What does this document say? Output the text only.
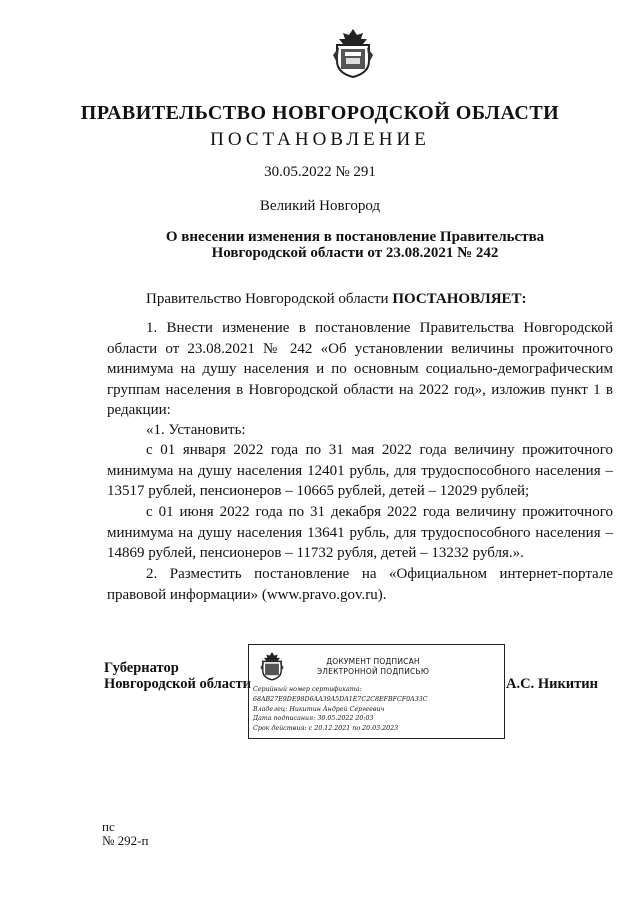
ПРАВИТЕЛЬСТВО НОВГОРОДСКОЙ ОБЛАСТИ
ПОСТАНОВЛЕНИЕ
30.05.2022 № 291
Великий Новгород
О внесении изменения в постановление Правительства
Новгородской области от 23.08.2021 № 242
Правительство Новгородской области ПОСТАНОВЛЯЕТ:
1. Внести изменение в постановление Правительства Новгородской области от 23.08.2021 № 242 «Об установлении величины прожиточного минимума на душу населения и по основным социально-демографическим группам населения в Новгородской области на 2022 год», изложив пункт 1 в редакции:
«1. Установить:
с 01 января 2022 года по 31 мая 2022 года величину прожиточного минимума на душу населения 12401 рубль, для трудоспособного населения – 13517 рублей, пенсионеров – 10665 рублей, детей – 12029 рублей;
с 01 июня 2022 года по 31 декабря 2022 года величину прожиточного минимума на душу населения 13641 рубль, для трудоспособного населения – 14869 рублей, пенсионеров – 11732 рубля, детей – 13232 рубля.».
2. Разместить постановление на «Официальном интернет-портале правовой информации» (www.pravo.gov.ru).
Губернатор
Новгородской области
ДОКУМЕНТ ПОДПИСАН
ЭЛЕКТРОННОЙ ПОДПИСЬЮ
Серийный номер сертификата:
68AB27E9DE98D6AA39A5DA1E7C2C8EFBFCF0A33C
Владелец: Никитин Андрей Сергеевич
Дата подписания: 30.05.2022 20:03
Срок действия: с 20.12.2021 по 20.03.2023
А.С. Никитин
пс
№ 292-п
